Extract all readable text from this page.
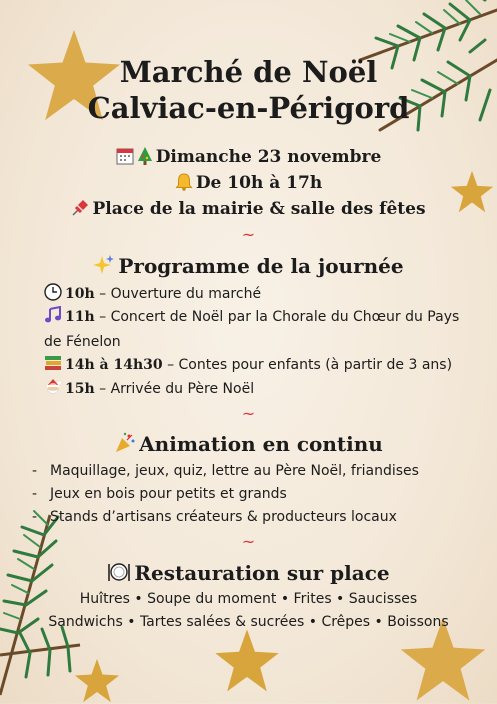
Marché de Noël
Calviac-en-Périgord
Dimanche 23 novembre
De 10h à 17h
Place de la mairie & salle des fêtes
~
Programme de la journée
10h – Ouverture du marché
11h – Concert de Noël par la Chorale du Chœur du Pays de Fénelon
14h à 14h30 – Contes pour enfants (à partir de 3 ans)
15h – Arrivée du Père Noël
~
Animation en continu
- Maquillage, jeux, quiz, lettre au Père Noël, friandises
- Jeux en bois pour petits et grands
- Stands d’artisans créateurs & producteurs locaux
~
Restauration sur place
Huîtres • Soupe du moment • Frites • Saucisses
Sandwichs • Tartes salées & sucrées • Crêpes • Boissons
